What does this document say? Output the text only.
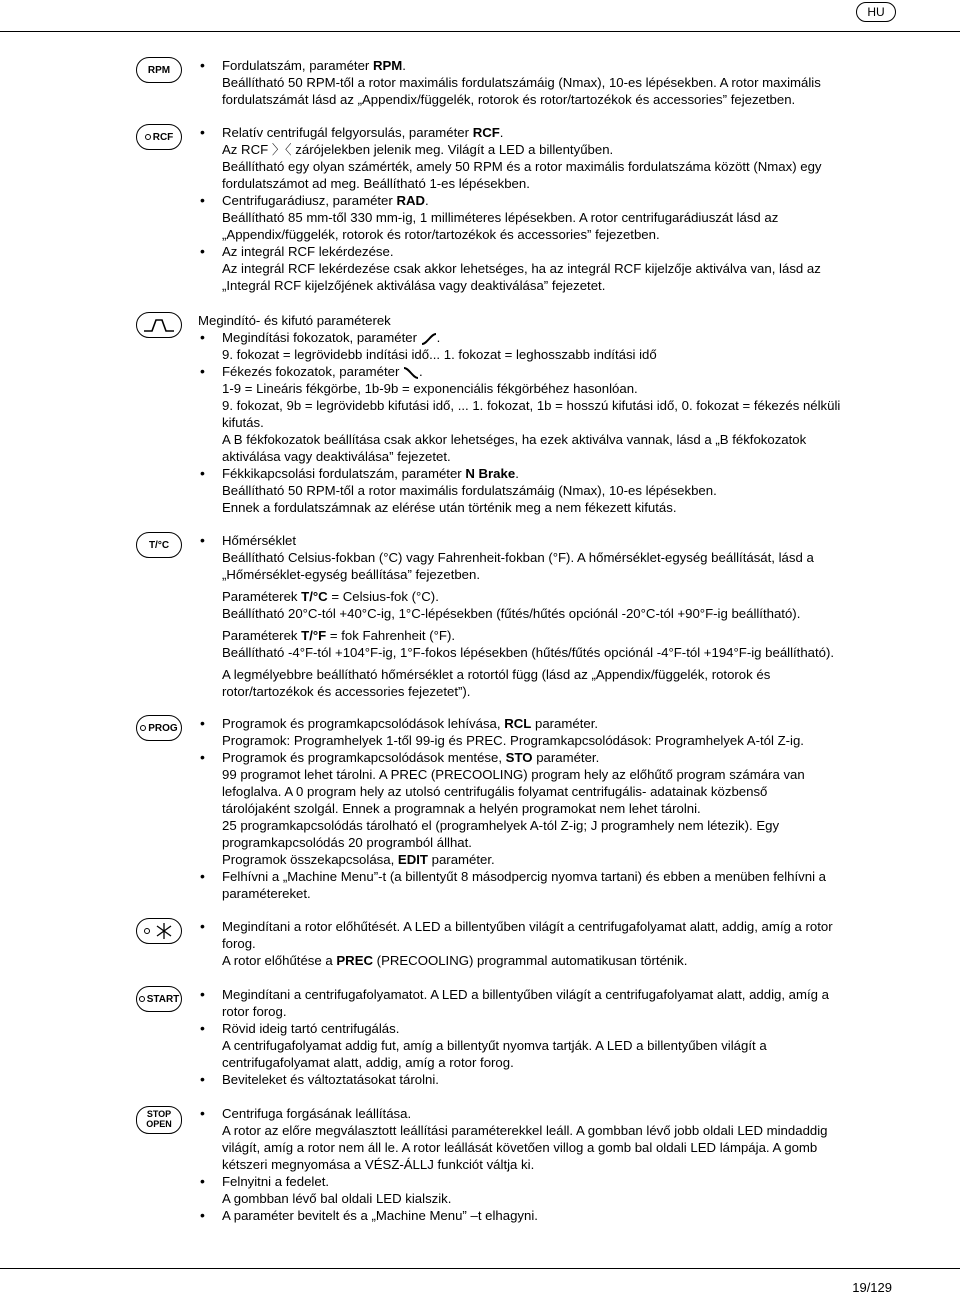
HU
RPM
RCF
T/°C
PROG

START
STOP
OPEN
• Fordulatszám, paraméter RPM.
Beállítható 50 RPM-től a rotor maximális fordulatszámáig (Nmax), 10-es lépésekben. A rotor maximális
fordulatszámát lásd az „Appendix/függelék, rotorok és rotor/tartozékok és accessories” fejezetben.
• Relatív centrifugál felgyorsulás, paraméter RCF.
Az RCF 〉〈 zárójelekben jelenik meg. Világít a LED a billentyűben.
Beállítható egy olyan számérték, amely 50 RPM és a rotor maximális fordulatszáma között (Nmax) egy
fordulatszámot ad meg. Beállítható 1-es lépésekben.
• Centrifugarádiusz, paraméter RAD.
Beállítható 85 mm-től 330 mm-ig, 1 milliméteres lépésekben. A rotor centrifugarádiuszát lásd az
„Appendix/függelék, rotorok és rotor/tartozékok és accessories” fejezetben.
• Az integrál RCF lekérdezése.
Az integrál RCF lekérdezése csak akkor lehetséges, ha az integrál RCF kijelzője aktiválva van, lásd az
„Integrál RCF kijelzőjének aktiválása vagy deaktiválása” fejezetet.
Megindító- és kifutó paraméterek
• Megindítási fokozatok, paraméter .
9. fokozat = legrövidebb indítási idő... 1. fokozat = leghosszabb indítási idő
• Fékezés fokozatok, paraméter .
1-9 = Lineáris fékgörbe, 1b-9b = exponenciális fékgörbéhez hasonlóan.
9. fokozat, 9b = legrövidebb kifutási idő, ... 1. fokozat, 1b = hosszú kifutási idő, 0. fokozat = fékezés nélküli
kifutás.
A B fékfokozatok beállítása csak akkor lehetséges, ha ezek aktiválva vannak, lásd a „B fékfokozatok
aktiválása vagy deaktiválása” fejezetet.
• Fékkikapcsolási fordulatszám, paraméter N Brake.
Beállítható 50 RPM-től a rotor maximális fordulatszámáig (Nmax), 10-es lépésekben.
Ennek a fordulatszámnak az elérése után történik meg a nem fékezett kifutás.
• Hőmérséklet
Beállítható Celsius-fokban (°C) vagy Fahrenheit-fokban (°F). A hőmérséklet-egység beállítását, lásd a
„Hőmérséklet-egység beállítása” fejezetben.
Paraméterek T/°C = Celsius-fok (°C).
Beállítható 20°C-tól +40°C-ig, 1°C-lépésekben (fűtés/hűtés opciónál -20°C-tól +90°F-ig beállítható).
Paraméterek T/°F = fok Fahrenheit (°F).
Beállítható -4°F-tól +104°F-ig, 1°F-fokos lépésekben (hűtés/fűtés opciónál -4°F-tól +194°F-ig beállítható).
A legmélyebbre beállítható hőmérséklet a rotortól függ (lásd az „Appendix/függelék, rotorok és
rotor/tartozékok és accessories fejezetet”).
• Programok és programkapcsolódások lehívása, RCL paraméter.
Programok: Programhelyek 1-től 99-ig és PREC. Programkapcsolódások: Programhelyek A-tól Z-ig.
• Programok és programkapcsolódások mentése, STO paraméter.
99 programot lehet tárolni. A PREC (PRECOOLING) program hely az előhűtő program számára van
lefoglalva. A 0 program hely az utolsó centrifugális folyamat centrifugális- adatainak közbenső
tárolójaként szolgál. Ennek a programnak a helyén programokat nem lehet tárolni.
25 programkapcsolódás tárolható el (programhelyek A-tól Z-ig; J programhely nem létezik). Egy
programkapcsolódás 20 programból állhat.
Programok összekapcsolása, EDIT paraméter.
• Felhívni a „Machine Menu”-t (a billentyűt 8 másodpercig nyomva tartani) és ebben a menüben felhívni a
paramétereket.
• Megindítani a rotor előhűtését. A LED a billentyűben világít a centrifugafolyamat alatt, addig, amíg a rotor
forog.
A rotor előhűtése a PREC (PRECOOLING) programmal automatikusan történik.
• Megindítani a centrifugafolyamatot. A LED a billentyűben világít a centrifugafolyamat alatt, addig, amíg a
rotor forog.
• Rövid ideig tartó centrifugálás.
A centrifugafolyamat addig fut, amíg a billentyűt nyomva tartják. A LED a billentyűben világít a
centrifugafolyamat alatt, addig, amíg a rotor forog.
• Beviteleket és változtatásokat tárolni.
• Centrifuga forgásának leállítása.
A rotor az előre megválasztott leállítási paraméterekkel leáll. A gombban lévő jobb oldali LED mindaddig
világít, amíg a rotor nem áll le. A rotor leállását követően villog a gomb bal oldali LED lámpája. A gomb
kétszeri megnyomása a VÉSZ-ÁLLJ funkciót váltja ki.
• Felnyitni a fedelet.
A gombban lévő bal oldali LED kialszik.
• A paraméter bevitelt és a „Machine Menu” –t elhagyni.
19/129
